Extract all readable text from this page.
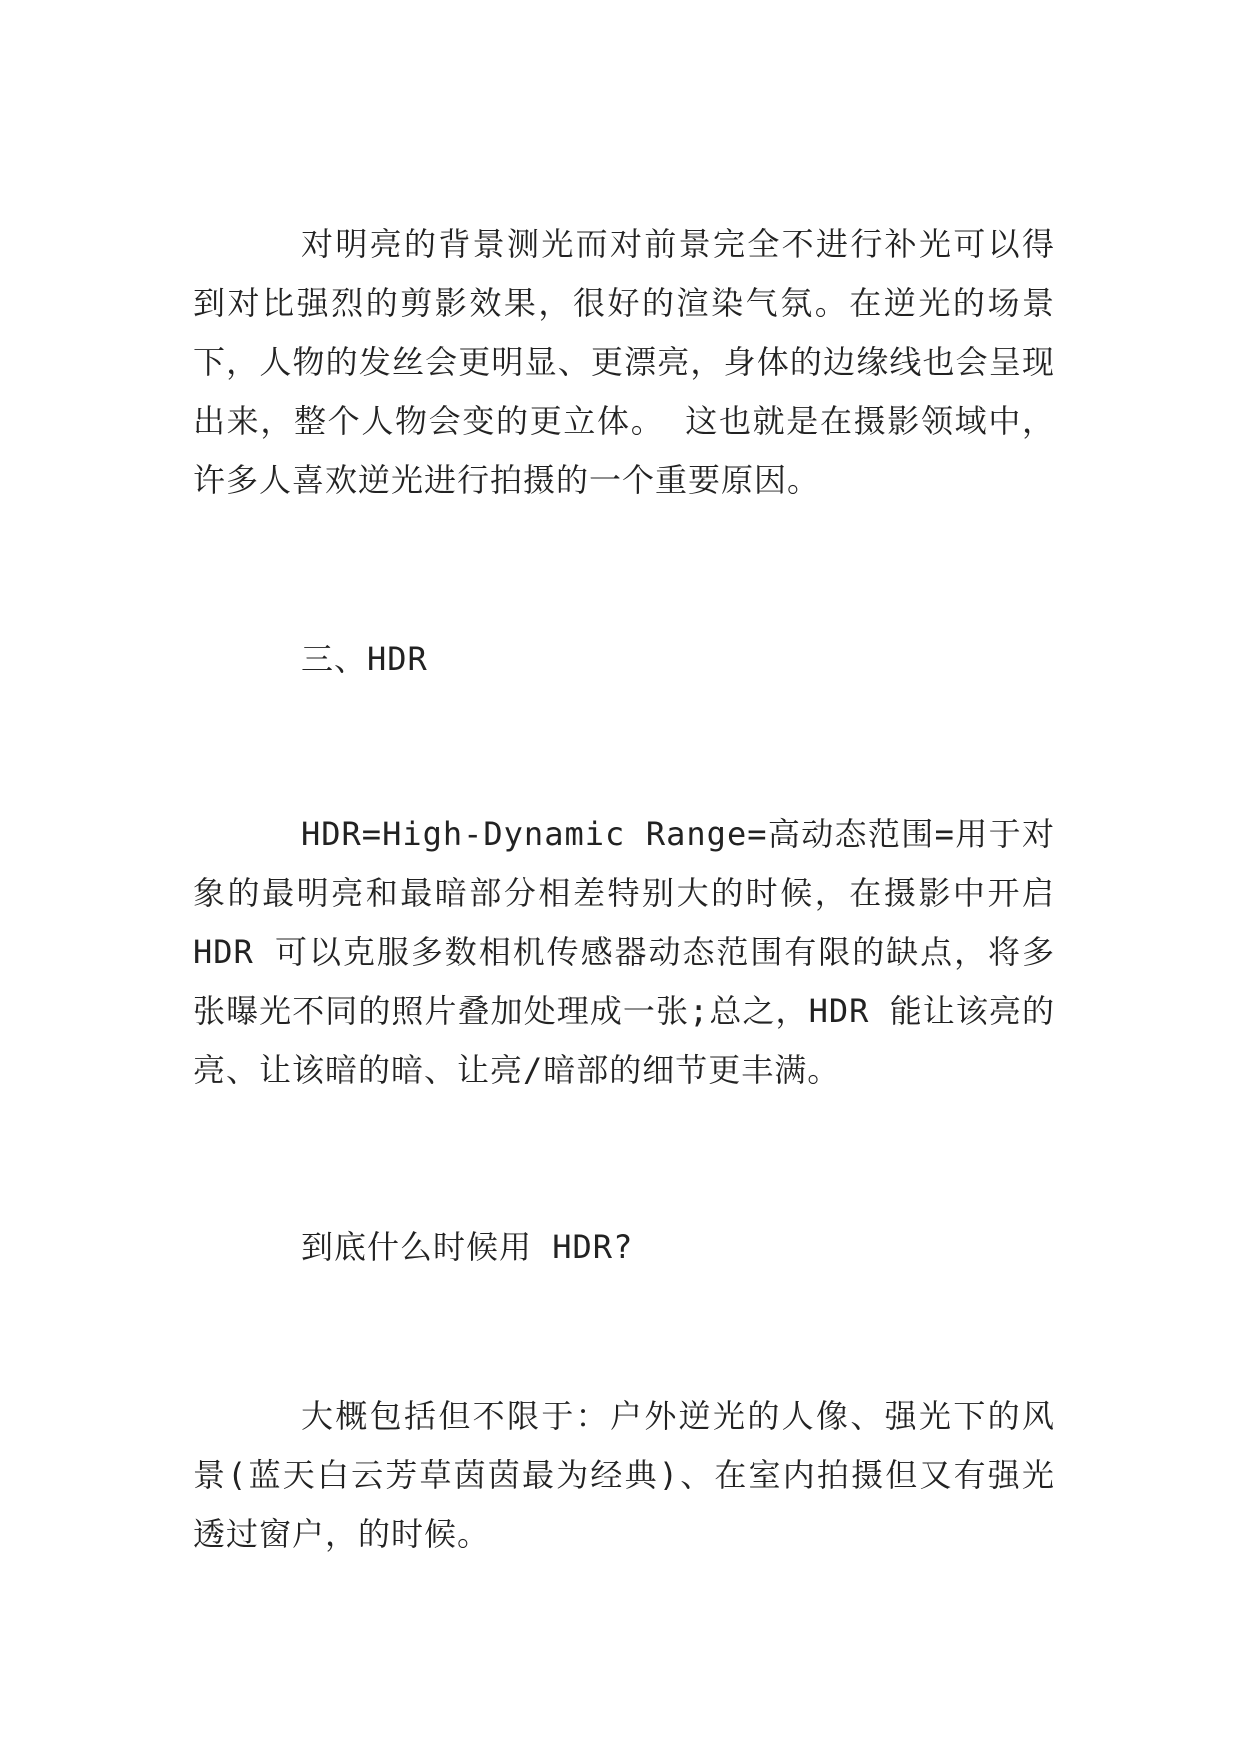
对明亮的背景测光而对前景完全不进行补光可以得到对比强烈的剪影效果，很好的渲染气氛。在逆光的场景下，人物的发丝会更明显、更漂亮，身体的边缘线也会呈现出来，整个人物会变的更立体。 这也就是在摄影领域中，许多人喜欢逆光进行拍摄的一个重要原因。

三、HDR

HDR=High-Dynamic Range=高动态范围=用于对象的最明亮和最暗部分相差特别大的时候，在摄影中开启 HDR 可以克服多数相机传感器动态范围有限的缺点，将多张曝光不同的照片叠加处理成一张;总之，HDR 能让该亮的亮、让该暗的暗、让亮/暗部的细节更丰满。

到底什么时候用 HDR?

大概包括但不限于：户外逆光的人像、强光下的风景(蓝天白云芳草茵茵最为经典)、在室内拍摄但又有强光透过窗户，的时候。
